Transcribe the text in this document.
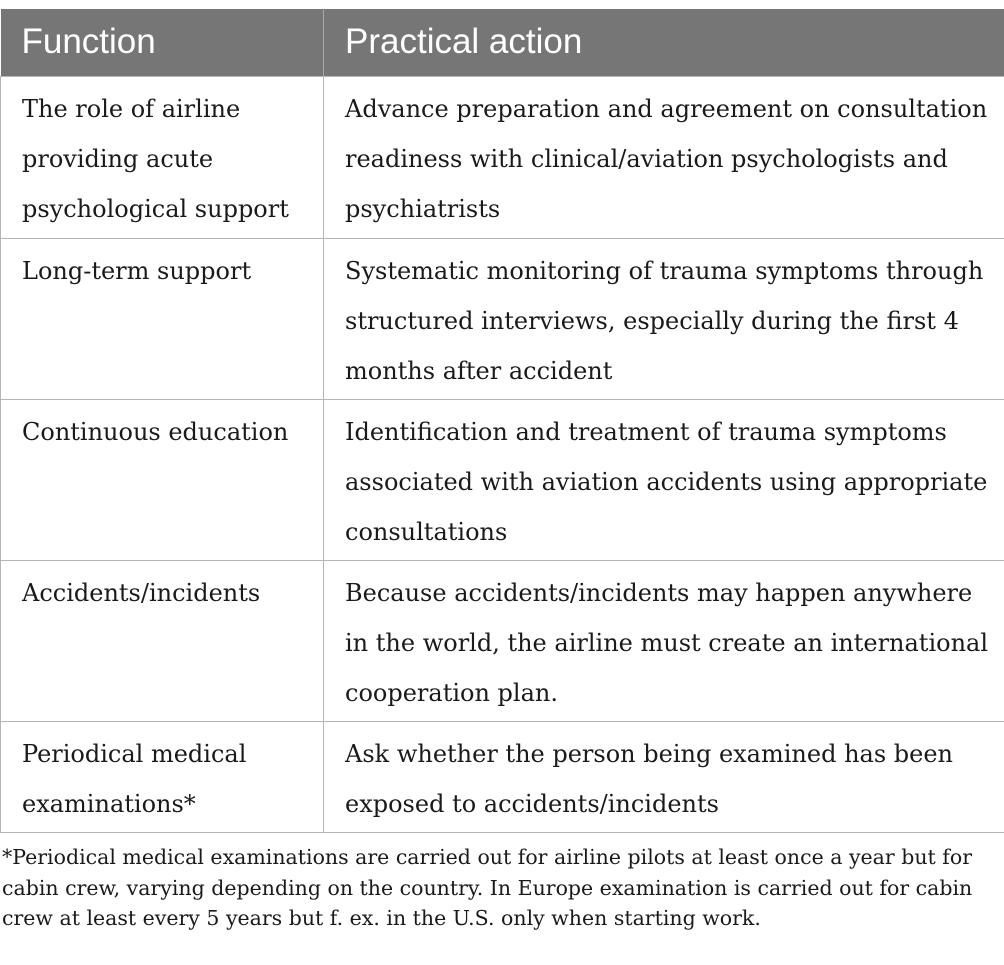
Function	Practical action
The role of airline providing acute psychological support	Advance preparation and agreement on consultation readiness with clinical/aviation psychologists and psychiatrists
Long-term support	Systematic monitoring of trauma symptoms through structured interviews, especially during the first 4 months after accident
Continuous education	Identification and treatment of trauma symptoms associated with aviation accidents using appropriate consultations
Accidents/incidents	Because accidents/incidents may happen anywhere in the world, the airline must create an international cooperation plan.
Periodical medical examinations*	Ask whether the person being examined has been exposed to accidents/incidents
*Periodical medical examinations are carried out for airline pilots at least once a year but for cabin crew, varying depending on the country. In Europe examination is carried out for cabin crew at least every 5 years but f. ex. in the U.S. only when starting work.
